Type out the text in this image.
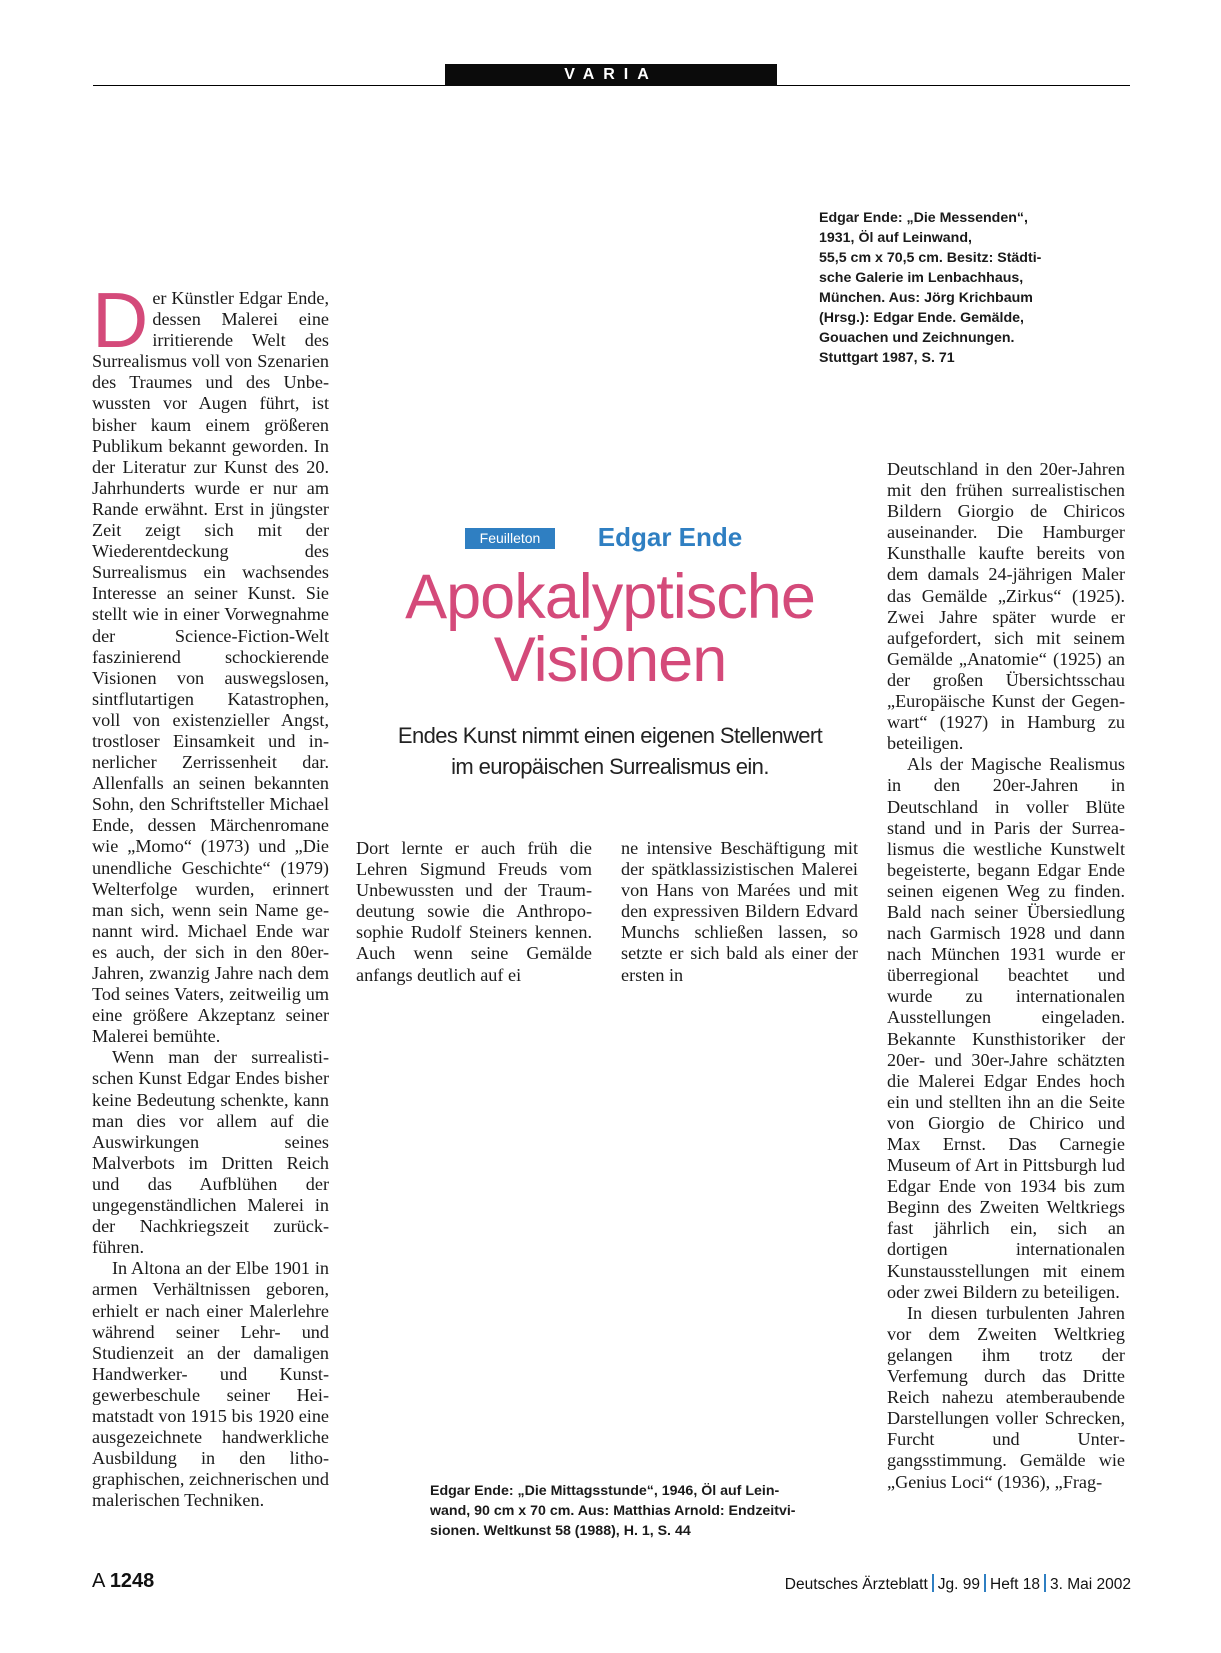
VARIA
Edgar Ende: „Die Messenden“,
1931, Öl auf Leinwand,
55,5 cm x 70,5 cm. Besitz: Städti-
sche Galerie im Lenbachhaus,
München. Aus: Jörg Krichbaum
(Hrsg.): Edgar Ende. Gemälde,
Gouachen und Zeichnungen.
Stuttgart 1987, S. 71

Der Künstler Edgar Ende, dessen Malerei eine irritierende Welt des Surrealismus voll von Szenarien des Traumes und des Unbewussten vor Augen führt, ist bisher kaum einem größeren Publikum bekannt geworden. In der Literatur zur Kunst des 20. Jahrhunderts wurde er nur am Rande erwähnt. Erst in jüngster Zeit zeigt sich mit der Wiederentdeckung des Surrealismus ein wachsendes Interesse an seiner Kunst. Sie stellt wie in einer Vorwegnahme der Science-Fiction-Welt faszinierend schockierende Visionen von auswegslosen, sintflutartigen Katastrophen, voll von existenzieller Angst, trostloser Einsamkeit und innerlicher Zerrissenheit dar. Allenfalls an seinen bekannten Sohn, den Schriftsteller Michael Ende, dessen Märchenromane wie „Momo“ (1973) und „Die unendliche Geschichte“ (1979) Welterfolge wurden, erinnert man sich, wenn sein Name genannt wird. Michael Ende war es auch, der sich in den 80er-Jahren, zwanzig Jahre nach dem Tod seines Vaters, zeitweilig um eine größere Akzeptanz seiner Malerei bemühte.

Wenn man der surrealistischen Kunst Edgar Endes bisher keine Bedeutung schenkte, kann man dies vor allem auf die Auswirkungen seines Malverbots im Dritten Reich und das Aufblühen der ungegenständlichen Malerei in der Nachkriegszeit zurückführen.

In Altona an der Elbe 1901 in armen Verhältnissen geboren, erhielt er nach einer Malerlehre während seiner Lehr- und Studienzeit an der damaligen Handwerker- und Kunstgewerbeschule seiner Heimatstadt von 1915 bis 1920 eine ausgezeichnete handwerkliche Ausbildung in den lithographischen, zeichnerischen und malerischen Techniken.

Feuilleton	Edgar Ende
Apokalyptische
Visionen
Endes Kunst nimmt einen eigenen Stellenwert
im europäischen Surrealismus ein.

Dort lernte er auch früh die Lehren Sigmund Freuds vom Unbewussten und der Traumdeutung sowie die Anthroposophie Rudolf Steiners kennen. Auch wenn seine Gemälde anfangs deutlich auf ei

ne intensive Beschäftigung mit der spätklassizistischen Malerei von Hans von Marées und mit den expressiven Bildern Edvard Munchs schließen lassen, so setzte er sich bald als einer der ersten in

Deutschland in den 20er-Jahren mit den frühen surrealistischen Bildern Giorgio de Chiricos auseinander. Die Hamburger Kunsthalle kaufte bereits von dem damals 24-jährigen Maler das Gemälde „Zirkus“ (1925). Zwei Jahre später wurde er aufgefordert, sich mit seinem Gemälde „Anatomie“ (1925) an der großen Übersichtsschau „Europäische Kunst der Gegenwart“ (1927) in Hamburg zu beteiligen.

Als der Magische Realismus in den 20er-Jahren in Deutschland in voller Blüte stand und in Paris der Surrealismus die westliche Kunstwelt begeisterte, begann Edgar Ende seinen eigenen Weg zu finden. Bald nach seiner Übersiedlung nach Garmisch 1928 und dann nach München 1931 wurde er überregional beachtet und wurde zu internationalen Ausstellungen eingeladen. Bekannte Kunsthistoriker der 20er- und 30er-Jahre schätzten die Malerei Edgar Endes hoch ein und stellten ihn an die Seite von Giorgio de Chirico und Max Ernst. Das Carnegie Museum of Art in Pittsburgh lud Edgar Ende von 1934 bis zum Beginn des Zweiten Weltkriegs fast jährlich ein, sich an dortigen internationalen Kunstausstellungen mit einem oder zwei Bildern zu beteiligen.

In diesen turbulenten Jahren vor dem Zweiten Weltkrieg gelangen ihm trotz der Verfemung durch das Dritte Reich nahezu atemberaubende Darstellungen voller Schrecken, Furcht und Untergangsstimmung. Gemälde wie „Genius Loci“ (1936), „Frag-

Edgar Ende: „Die Mittagsstunde“, 1946, Öl auf Lein-
wand, 90 cm x 70 cm. Aus: Matthias Arnold: Endzeitvi-
sionen. Weltkunst 58 (1988), H. 1, S. 44
A 1248	Deutsches Ärzteblatt Jg. 99 Heft 18 3. Mai 2002
